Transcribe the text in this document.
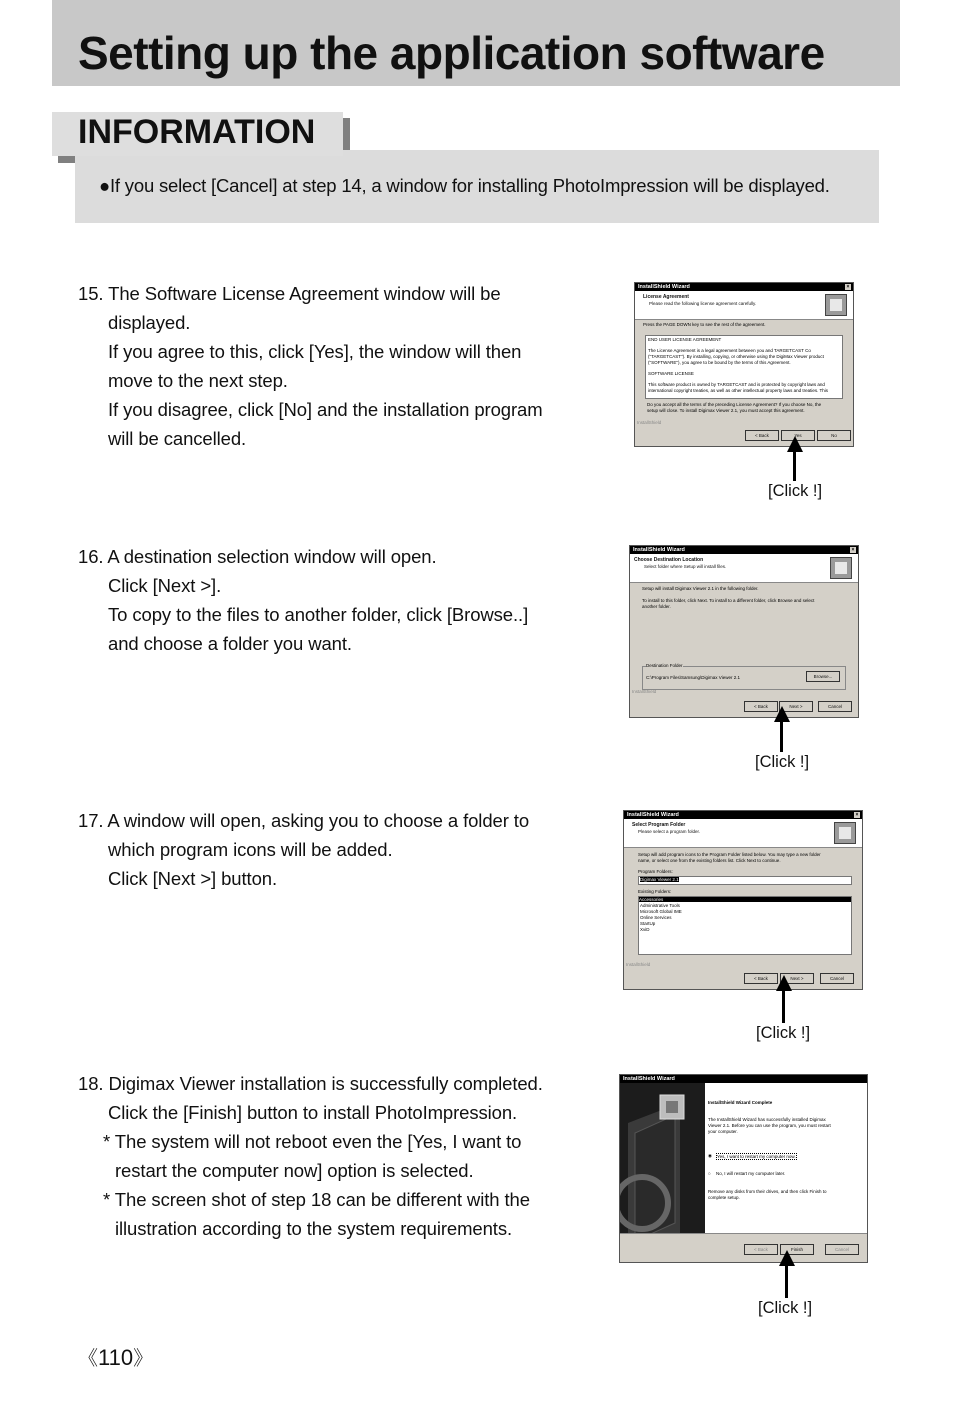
Setting up the application software
INFORMATION
●If you select [Cancel] at step 14, a window for installing PhotoImpression will be displayed.

15. The Software License Agreement window will be

displayed.

If you agree to this, click [Yes], the window will then

move to the next step.

If you disagree, click [No] and the installation program

will be cancelled.

16. A destination selection window will open.

Click [Next >].

To copy to the files to another folder, click [Browse..]

and choose a folder you want.

17. A window will open, asking you to choose a folder to

which program icons will be added.

Click [Next >] button.

18. Digimax Viewer installation is successfully completed.

Click the [Finish] button to install PhotoImpression.

* The system will not reboot even the [Yes, I want to

restart the computer now] option is selected.

* The screen shot of step 18 can be different with the

illustration according to the system requirements.

InstallShield Wizard	×
License Agreement
Please read the following license agreement carefully.
Press the PAGE DOWN key to see the rest of the agreement.
END USER LICENSE AGREEMENT
The License Agreement is a legal agreement between you and TARGETCAST Co
("TARGETCAST"). By installing, copying, or otherwise using the DigiMax Viewer product
("SOFTWARE"), you agree to be bound by the terms of this Agreement.
SOFTWARE LICENSE
This software product is owned by TARGETCAST and is protected by copyright laws and
international copyright treaties, as well as other intellectual property laws and treaties. This
Do you accept all the terms of the preceding License Agreement? If you choose No, the
setup will close. To install Digimax Viewer 2.1, you must accept this agreement.
InstallShield
< Back	Yes	No
[Click !]
InstallShield Wizard	×
Choose Destination Location
Select folder where Setup will install files.
Setup will install Digimax Viewer 2.1 in the following folder.
To install to this folder, click Next. To install to a different folder, click Browse and select
another folder.
Destination Folder
C:\Program Files\Samsung\Digimax Viewer 2.1	Browse...
InstallShield
< Back	Next >	Cancel
[Click !]
InstallShield Wizard	×
Select Program Folder
Please select a program folder.
Setup will add program icons to the Program Folder listed below. You may type a new folder
name, or select one from the existing folders list. Click Next to continue.
Program Folders:
Digimax Viewer 2.1
Existing Folders:
Accessories
Administrative Tools
Microsoft Global IME
Online Services
StartUp
XviD
InstallShield
< Back	Next >	Cancel
[Click !]
InstallShield Wizard
InstallShield Wizard Complete
The InstallShield Wizard has successfully installed Digimax
Viewer 2.1. Before you can use the program, you must restart
your computer.
◉ Yes, I want to restart my computer now.
○ No, I will restart my computer later.
Remove any disks from their drives, and then click Finish to
complete setup.
< Back	Finish	Cancel
[Click !]
《110》
